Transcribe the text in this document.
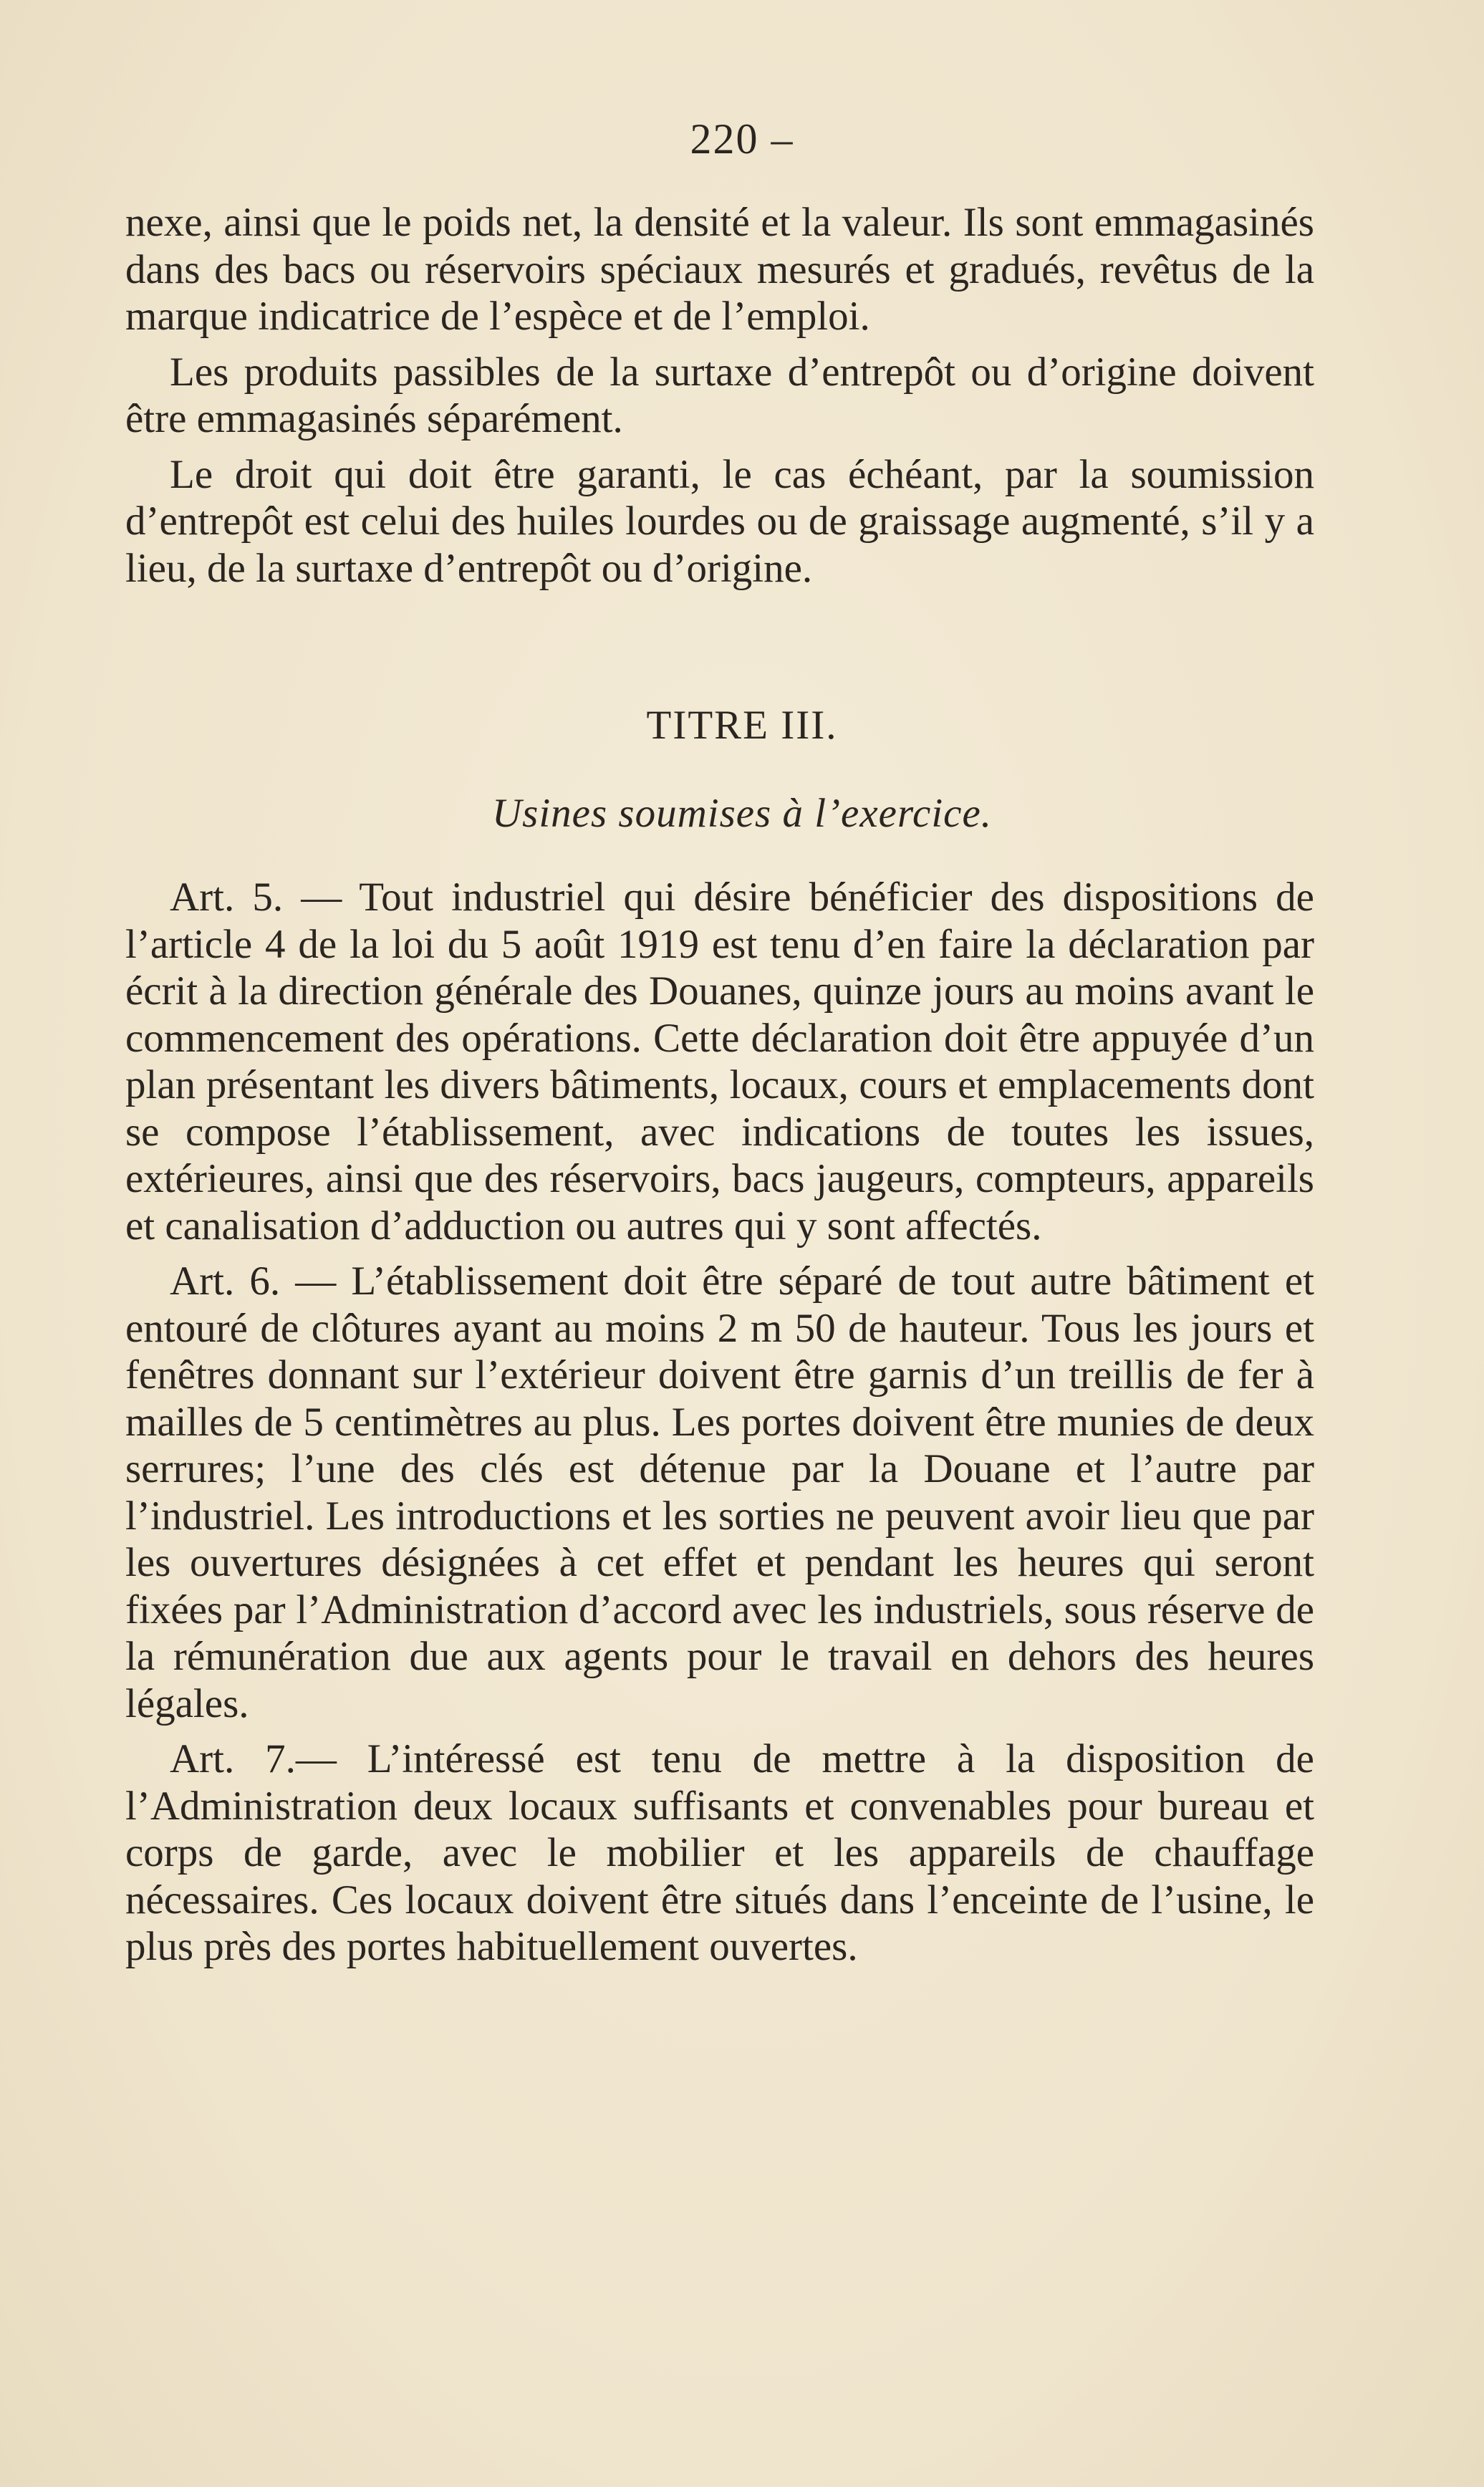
220 –

nexe, ainsi que le poids net, la densité et la valeur. Ils sont emmagasinés dans des bacs ou réservoirs spéciaux mesurés et gradués, revêtus de la marque indicatrice de l’espèce et de l’emploi.

Les produits passibles de la surtaxe d’entrepôt ou d’origine doivent être emmagasinés séparément.

Le droit qui doit être garanti, le cas échéant, par la soumission d’entrepôt est celui des huiles lourdes ou de graissage augmenté, s’il y a lieu, de la surtaxe d’entrepôt ou d’origine.

TITRE III.
Usines soumises à l’exercice.

Art. 5. — Tout industriel qui désire bénéficier des dispositions de l’article 4 de la loi du 5 août 1919 est tenu d’en faire la déclaration par écrit à la direction générale des Douanes, quinze jours au moins avant le commencement des opérations. Cette déclaration doit être appuyée d’un plan présentant les divers bâtiments, locaux, cours et emplacements dont se compose l’établissement, avec indications de toutes les issues, extérieures, ainsi que des réservoirs, bacs jaugeurs, compteurs, appareils et canalisation d’adduction ou autres qui y sont affectés.

Art. 6. — L’établissement doit être séparé de tout autre bâtiment et entouré de clôtures ayant au moins 2 m 50 de hauteur. Tous les jours et fenêtres donnant sur l’extérieur doivent être garnis d’un treillis de fer à mailles de 5 centimètres au plus. Les portes doivent être munies de deux serrures; l’une des clés est détenue par la Douane et l’autre par l’industriel. Les introductions et les sorties ne peuvent avoir lieu que par les ouvertures désignées à cet effet et pendant les heures qui seront fixées par l’Administration d’accord avec les industriels, sous réserve de la rémunération due aux agents pour le travail en dehors des heures légales.

Art. 7.— L’intéressé est tenu de mettre à la disposition de l’Administration deux locaux suffisants et convenables pour bureau et corps de garde, avec le mobilier et les appareils de chauffage nécessaires. Ces locaux doivent être situés dans l’enceinte de l’usine, le plus près des portes habituellement ouvertes.
